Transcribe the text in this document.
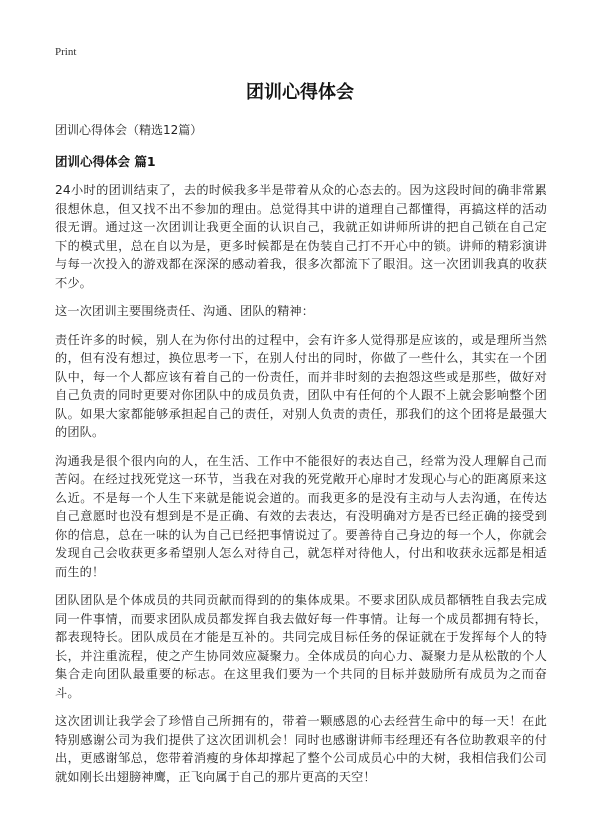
Print
团训心得体会
团训心得体会（精选12篇）
团训心得体会 篇1

24小时的团训结束了，去的时候我多半是带着从众的心态去的。因为这段时间的确非常累很想休息，但又找不出不参加的理由。总觉得其中讲的道理自己都懂得，再搞这样的活动很无谓。通过这一次团训让我更全面的认识自己，我就正如讲师所讲的把自己锁在自己定下的模式里，总在自以为是，更多时候都是在伪装自己打不开心中的锁。讲师的精彩演讲与每一次投入的游戏都在深深的感动着我，很多次都流下了眼泪。这一次团训我真的收获不少。

这一次团训主要围绕责任、沟通、团队的精神：

责任许多的时候，别人在为你付出的过程中，会有许多人觉得那是应该的，或是理所当然的，但有没有想过，换位思考一下，在别人付出的同时，你做了一些什么，其实在一个团队中，每一个人都应该有着自己的一份责任，而并非时刻的去抱怨这些或是那些，做好对自己负责的同时更要对你团队中的成员负责，团队中有任何的个人跟不上就会影响整个团队。如果大家都能够承担起自己的责任，对别人负责的责任，那我们的这个团将是最强大的团队。

沟通我是很个很内向的人，在生活、工作中不能很好的表达自己，经常为没人理解自己而苦闷。在经过找死党这一环节，当我在对我的死党敞开心扉时才发现心与心的距离原来这么近。不是每一个人生下来就是能说会道的。而我更多的是没有主动与人去沟通，在传达自己意愿时也没有想到是不是正确、有效的去表达，有没明确对方是否已经正确的接受到你的信息，总在一味的认为自己已经把事情说过了。要善待自己身边的每一个人，你就会发现自己会收获更多希望别人怎么对待自己，就怎样对待他人，付出和收获永远都是相适而生的！

团队团队是个体成员的共同贡献而得到的的集体成果。不要求团队成员都牺牲自我去完成同一件事情，而要求团队成员都发挥自我去做好每一件事情。让每一个成员都拥有特长，都表现特长。团队成员在才能是互补的。共同完成目标任务的保证就在于发挥每个人的特长，并注重流程，使之产生协同效应凝聚力。全体成员的向心力、凝聚力是从松散的个人集合走向团队最重要的标志。在这里我们要为一个共同的目标并鼓励所有成员为之而奋斗。

这次团训让我学会了珍惜自己所拥有的，带着一颗感恩的心去经营生命中的每一天！在此特别感谢公司为我们提供了这次团训机会！同时也感谢讲师韦经理还有各位助教艰辛的付出，更感谢邹总，您带着消瘦的身体却撑起了整个公司成员心中的大树，我相信我们公司就如刚长出翅膀神鹰，正飞向属于自己的那片更高的天空！
